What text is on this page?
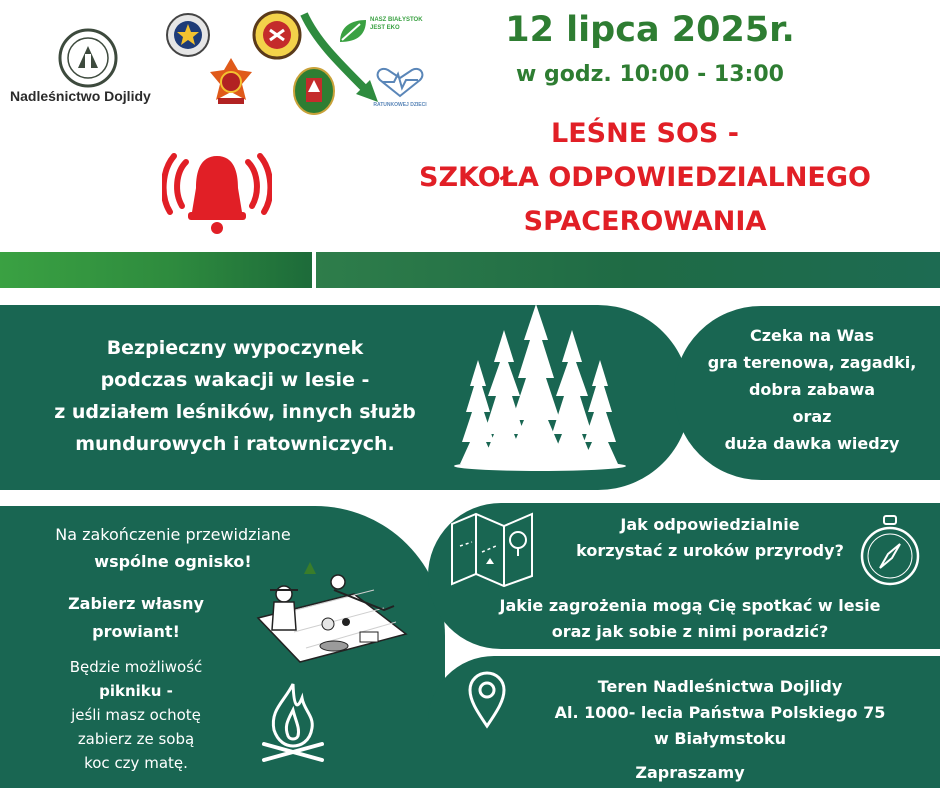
Nadleśnictwo Dojlidy
NASZ BIAŁYSTOK JEST EKO
RATUNKOWEJ DZIECI
12 lipca 2025r.
w godz. 10:00 - 13:00
LEŚNE SOS -
SZKOŁA ODPOWIEDZIALNEGO
SPACEROWANIA
Bezpieczny wypoczynek
podczas wakacji w lesie -
z udziałem leśników, innych służb
mundurowych i ratowniczych.
Czeka na Was
gra terenowa, zagadki,
dobra zabawa
oraz
duża dawka wiedzy
Na zakończenie przewidziane
wspólne ognisko!
Zabierz własny
prowiant!
Będzie możliwość
pikniku -
jeśli masz ochotę
zabierz ze sobą
koc czy matę.
Jak odpowiedzialnie
korzystać z uroków przyrody?
Jakie zagrożenia mogą Cię spotkać w lesie
oraz jak sobie z nimi poradzić?
Teren Nadleśnictwa Dojlidy
Al. 1000- lecia Państwa Polskiego 75
w Białymstoku
Zapraszamy
